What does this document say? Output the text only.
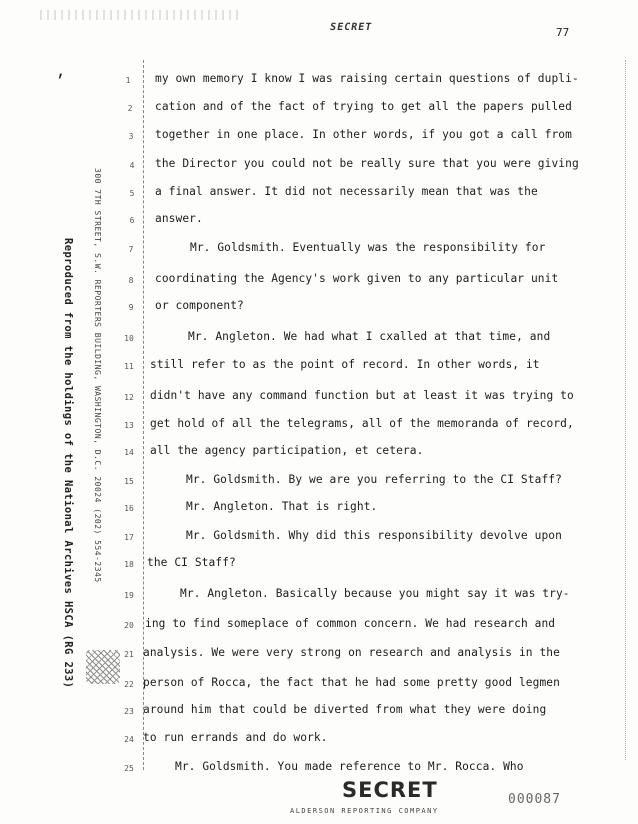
SECRET	77
⸴
Reproduced from the holdings of the National Archives HSCA (RG 233) 300 7TH STREET, S.W. REPORTERS BUILDING, WASHINGTON, D.C. 20024 (202) 554-2345
1
2
3
4
5
6
7
8
9
10
11
12
13
14
15
16
17
18
19
20
21
22
23
24
25
my own memory I know I was raising certain questions of dupli-
cation and of the fact of trying to get all the papers pulled
together in one place. In other words, if you got a call from
the Director you could not be really sure that you were giving
a final answer. It did not necessarily mean that was the
answer.
Mr. Goldsmith. Eventually was the responsibility for
coordinating the Agency's work given to any particular unit
or component?
Mr. Angleton. We had what I cxalled at that time, and
still refer to as the point of record. In other words, it
didn't have any command function but at least it was trying to
get hold of all the telegrams, all of the memoranda of record,
all the agency participation, et cetera.
Mr. Goldsmith. By we are you referring to the CI Staff?
Mr. Angleton. That is right.
Mr. Goldsmith. Why did this responsibility devolve upon
the CI Staff?
Mr. Angleton. Basically because you might say it was try-
ing to find someplace of common concern. We had research and
analysis. We were very strong on research and analysis in the
person of Rocca, the fact that he had some pretty good legmen
around him that could be diverted from what they were doing
to run errands and do work.
Mr. Goldsmith. You made reference to Mr. Rocca. Who
SECRET
ALDERSON REPORTING COMPANY
000087
